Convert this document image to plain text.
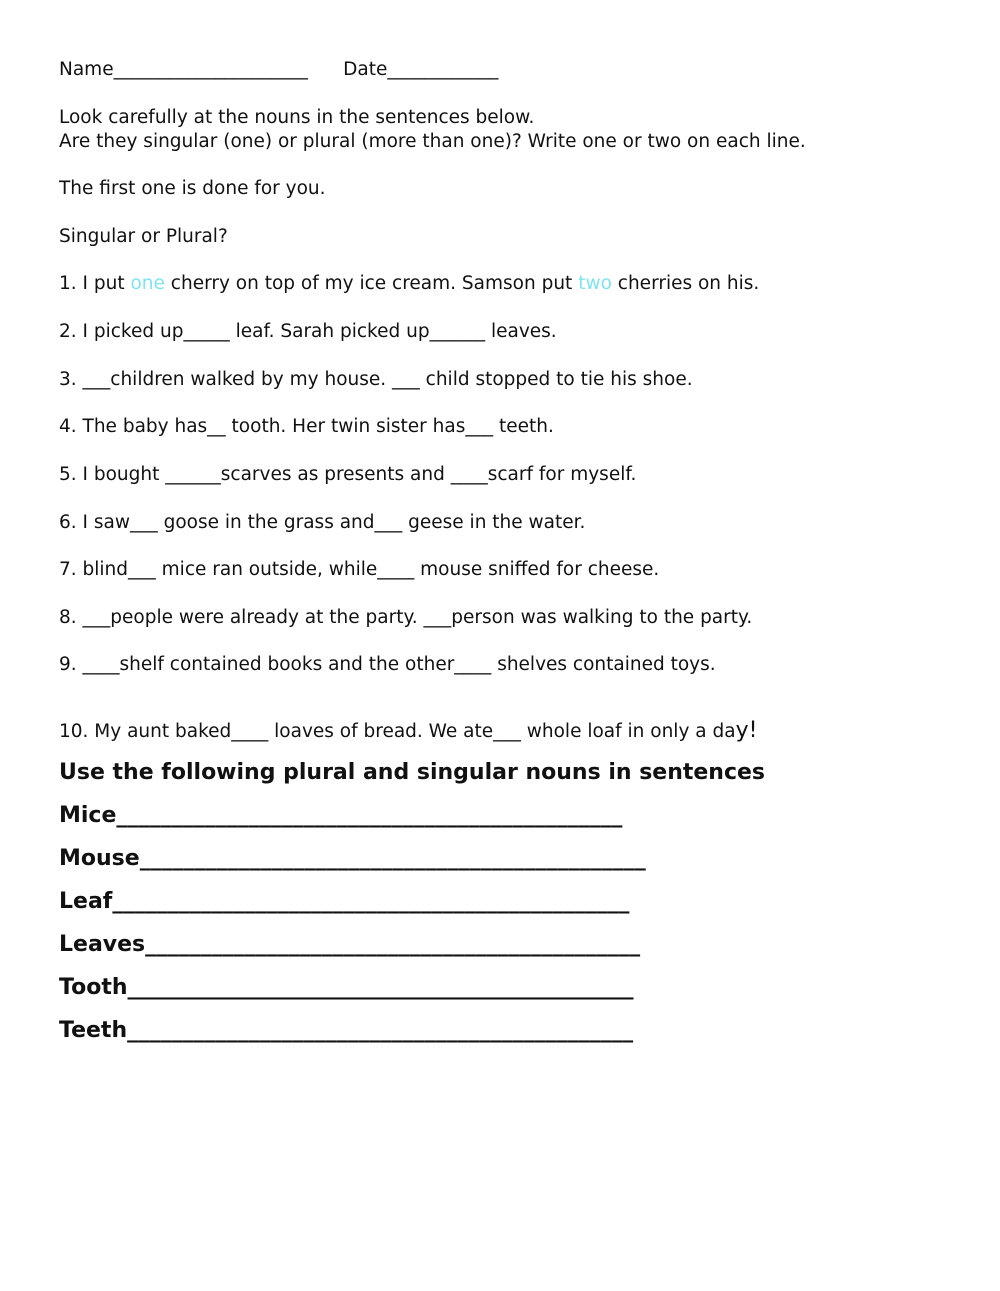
Name_____________________ Date____________
Look carefully at the nouns in the sentences below.
Are they singular (one) or plural (more than one)? Write one or two on each line.
The first one is done for you.
Singular or Plural?
1. I put one cherry on top of my ice cream. Samson put two cherries on his.
2. I picked up_____ leaf. Sarah picked up______ leaves.
3. ___children walked by my house. ___ child stopped to tie his shoe.
4. The baby has__ tooth. Her twin sister has___ teeth.
5. I bought ______scarves as presents and ____scarf for myself.
6. I saw___ goose in the grass and___ geese in the water.
7. blind___ mice ran outside, while____ mouse sniffed for cheese.
8. ___people were already at the party. ___person was walking to the party.
9. ____shelf contained books and the other____ shelves contained toys.
10. My aunt baked____ loaves of bread. We ate___ whole loaf in only a day!
Use the following plural and singular nouns in sentences
Mice______________________________________________
Mouse______________________________________________
Leaf_______________________________________________
Leaves_____________________________________________
Tooth______________________________________________
Teeth______________________________________________
